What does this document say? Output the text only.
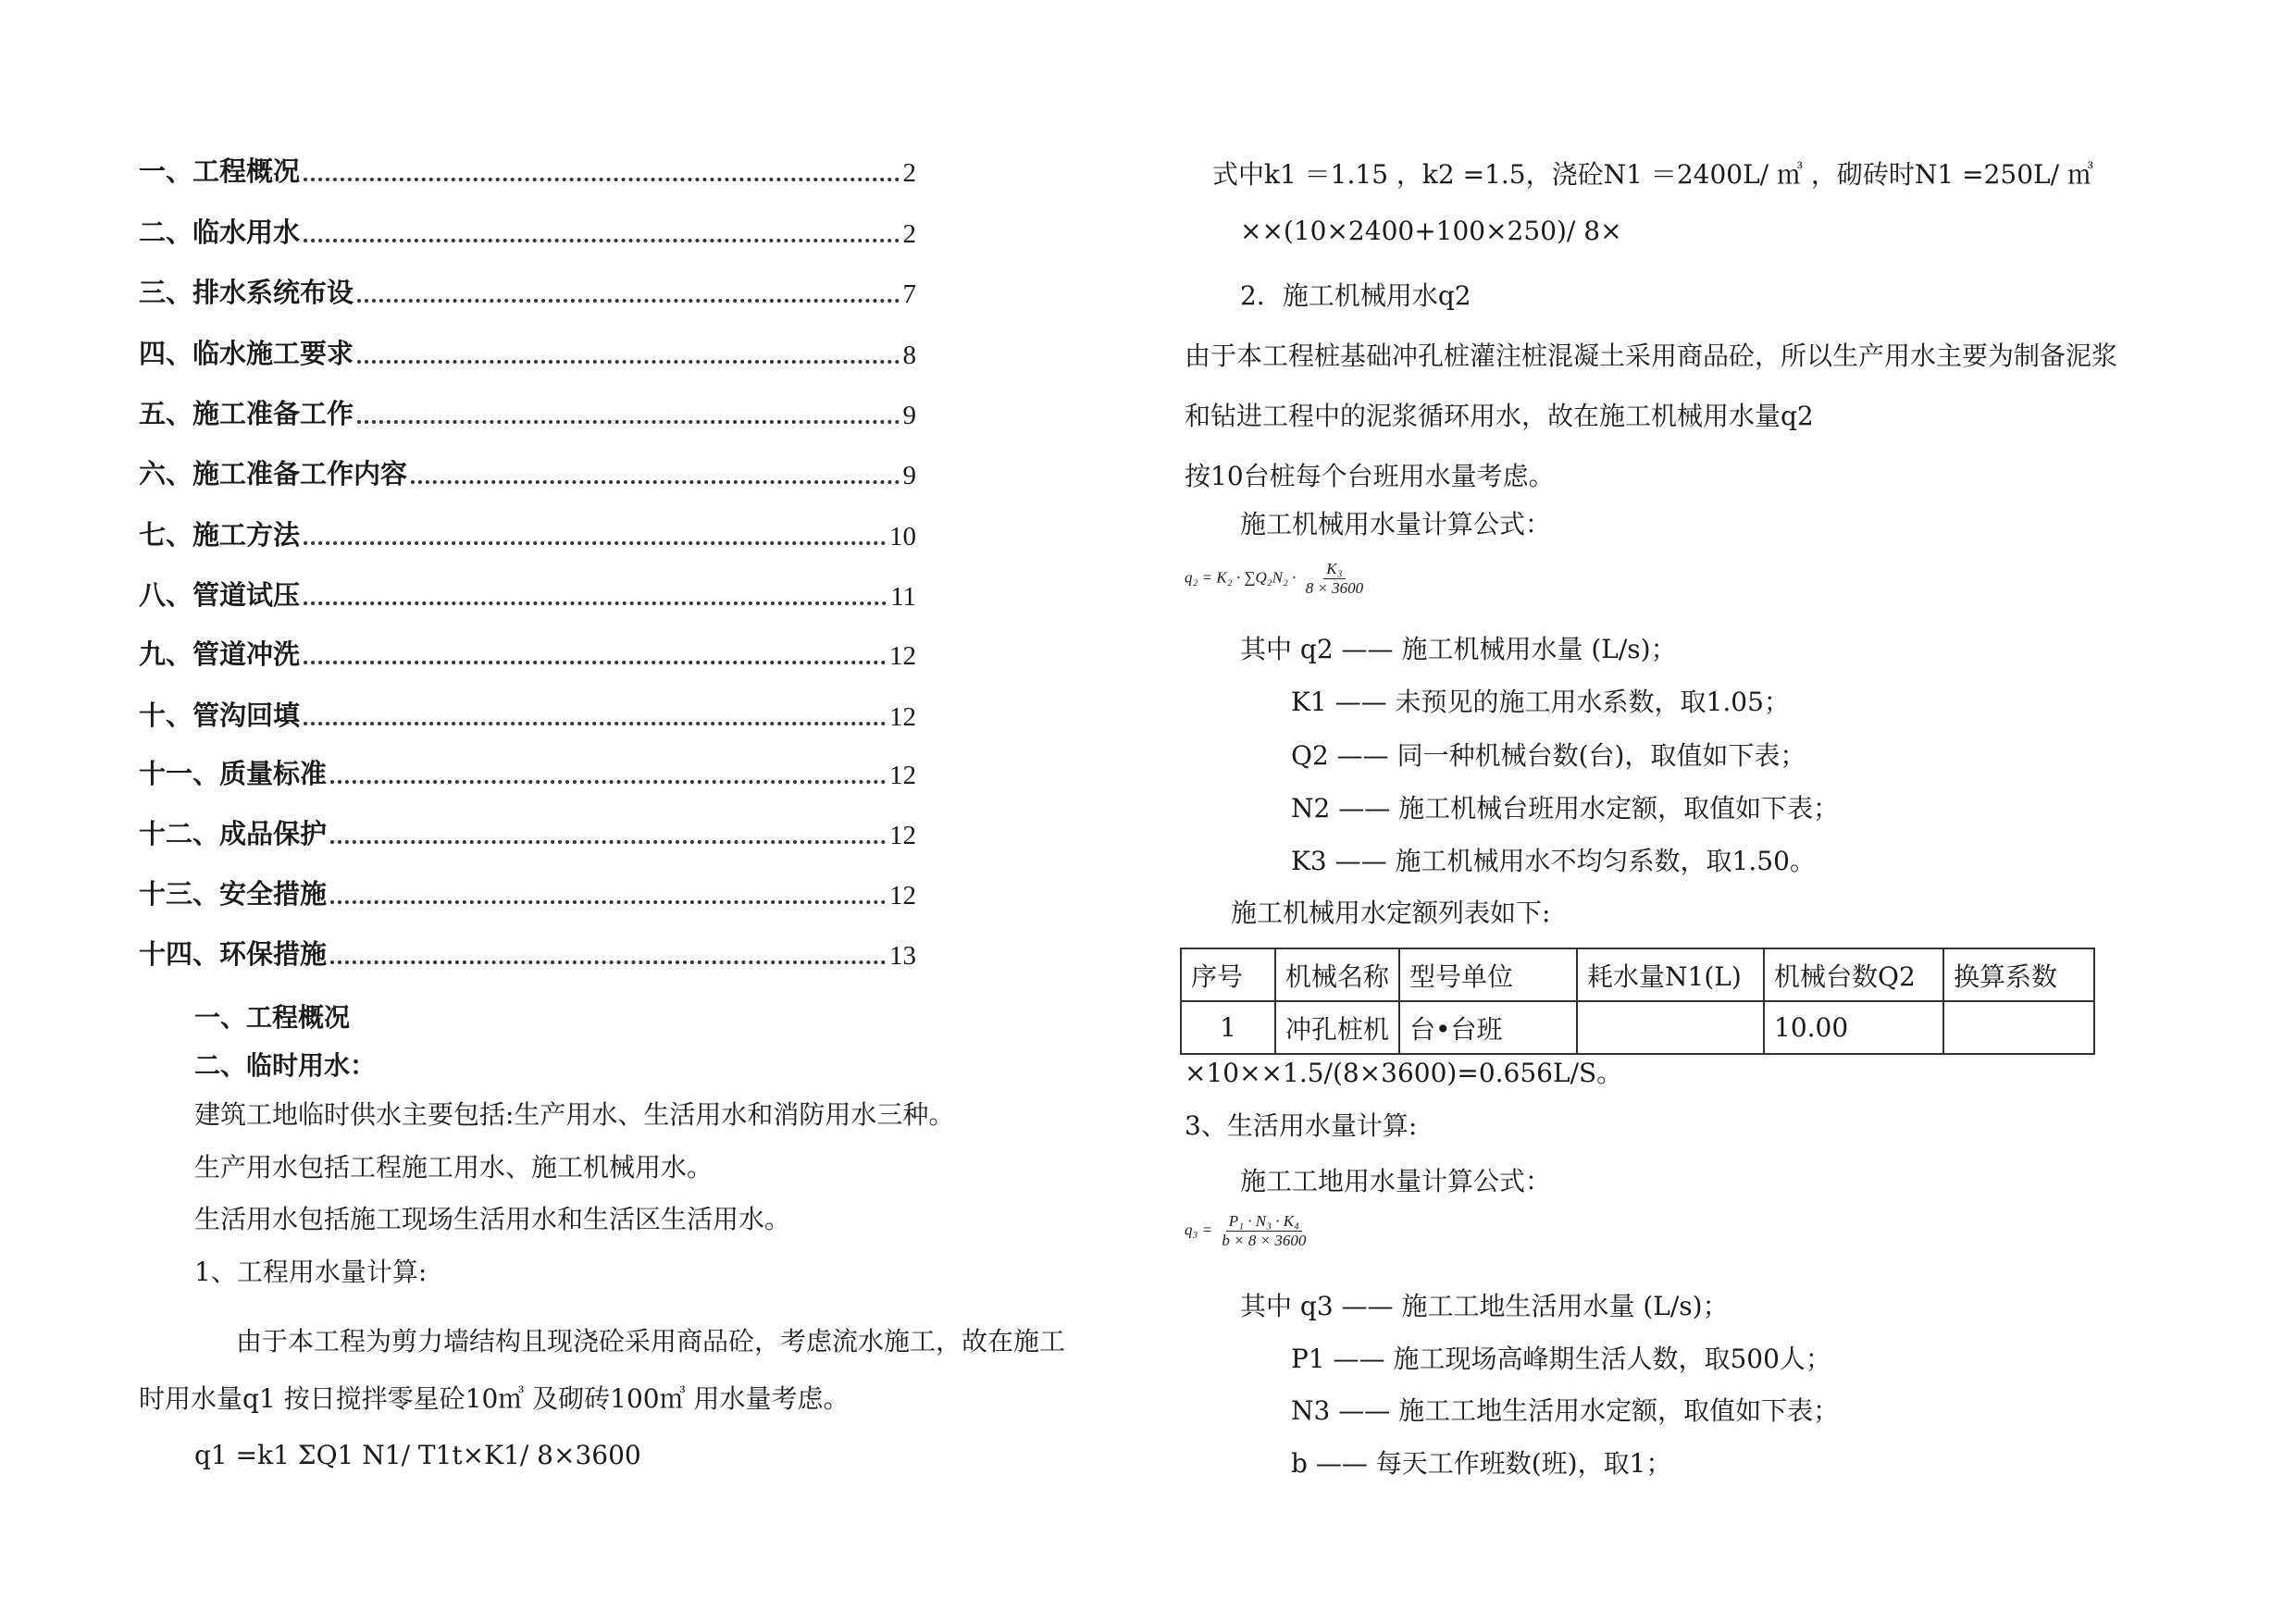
一、工程概况	2
二、临水用水	2
三、排水系统布设	7
四、临水施工要求	8
五、施工准备工作	9
六、施工准备工作内容	9
七、施工方法	10
八、管道试压	11
九、管道冲洗	12
十、管沟回填	12
十一、质量标准	12
十二、成品保护	12
十三、安全措施	12
十四、环保措施	13
一、工程概况
二、临时用水：
建筑工地临时供水主要包括:生产用水、生活用水和消防用水三种。
生产用水包括工程施工用水、施工机械用水。
生活用水包括施工现场生活用水和生活区生活用水。
1、工程用水量计算:
由于本工程为剪力墙结构且现浇砼采用商品砼，考虑流水施工，故在施工
时用水量q1 按日搅拌零星砼10㎥ 及砌砖100㎥ 用水量考虑。
q1 =k1 ΣQ1 N1/ T1t×K1/ 8×3600
式中k1 ＝1.15 ，k2 =1.5，浇砼N1 ＝2400L/ ㎥ ，砌砖时N1 =250L/ ㎥
××(10×2400+100×250)/ 8×
2．施工机械用水q2
由于本工程桩基础冲孔桩灌注桩混凝土采用商品砼，所以生产用水主要为制备泥浆
和钻进工程中的泥浆循环用水，故在施工机械用水量q2
按10台桩每个台班用水量考虑。
施工机械用水量计算公式：
$q_2 = K_2 \cdot \sum Q_2N_2 \cdot \frac{\text{K₃}}{8 \times 3600}$
其中 q2 —— 施工机械用水量 (L/s)；
K1 —— 未预见的施工用水系数，取1.05；
Q2 —— 同一种机械台数(台)，取值如下表；
N2 —— 施工机械台班用水定额，取值如下表；
K3 —— 施工机械用水不均匀系数，取1.50。
施工机械用水定额列表如下:
序号	机械名称	型号单位	耗水量N1(L)	机械台数Q2	换算系数
1	冲孔桩机	台•台班		10.00	
×10××1.5/(8×3600)=0.656L/S。
3、生活用水量计算:
施工工地用水量计算公式：
$q_3 = \frac{\text{P₁ · N₃ · K₄}}{b \times 8 \times 3600}$
其中 q3 —— 施工工地生活用水量 (L/s)；
P1 —— 施工现场高峰期生活人数，取500人；
N3 —— 施工工地生活用水定额，取值如下表；
b —— 每天工作班数(班)，取1；
